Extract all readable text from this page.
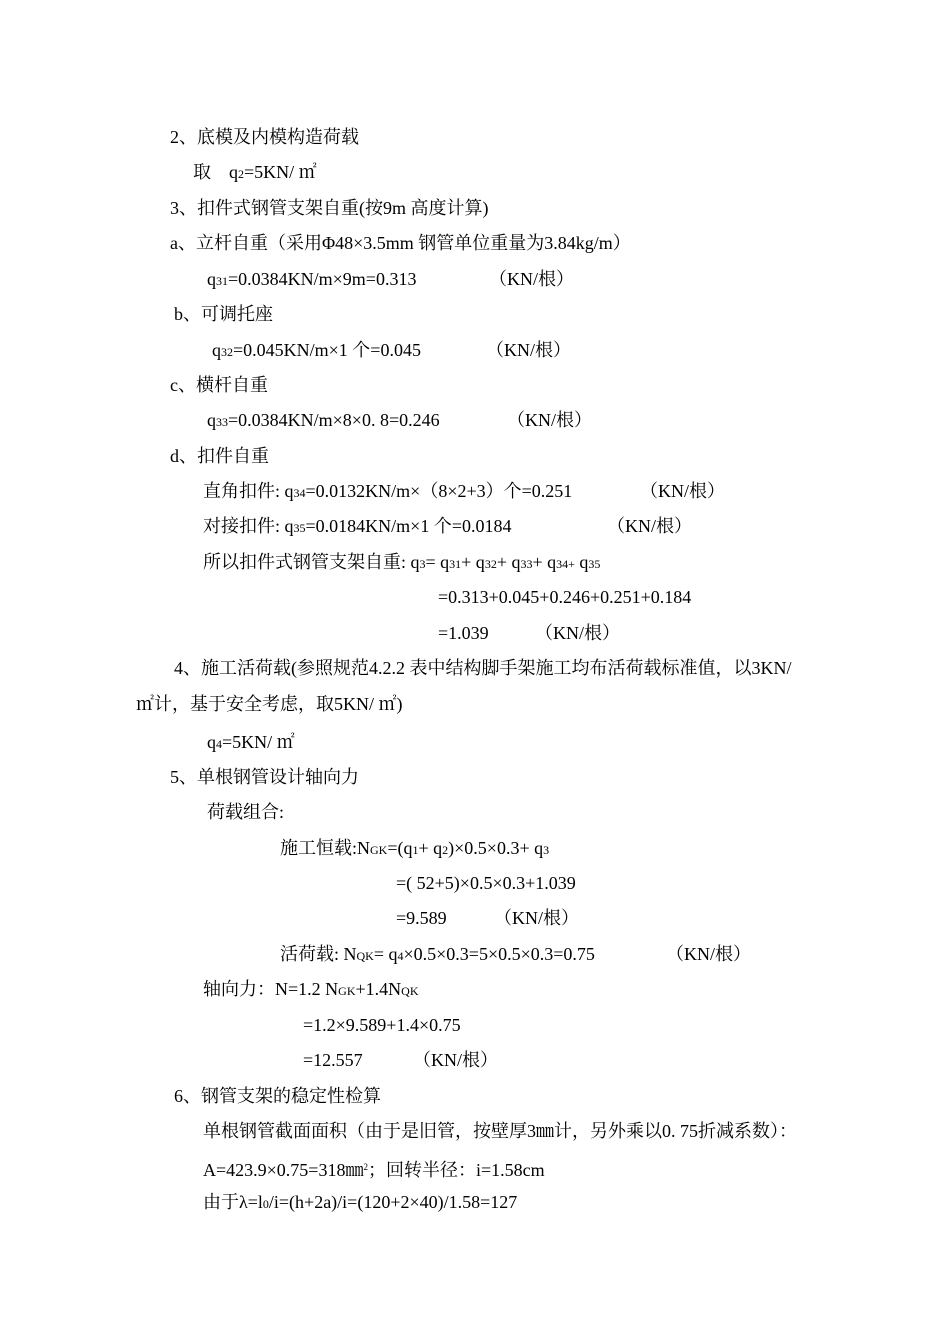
2、底模及内模构造荷载
取　q2=5KN/ ㎡
3、扣件式钢管支架自重(按9m 高度计算)
a、立杆自重（采用Φ48×3.5mm 钢管单位重量为3.84kg/m）
q31=0.0384KN/m×9m=0.313	（KN/根）
b、可调托座
q32=0.045KN/m×1 个=0.045	（KN/根）
c、横杆自重
q33=0.0384KN/m×8×0. 8=0.246	（KN/根）
d、扣件自重
直角扣件: q34=0.0132KN/m×（8×2+3）个=0.251	（KN/根）
对接扣件: q35=0.0184KN/m×1 个=0.0184	（KN/根）
所以扣件式钢管支架自重: q3= q31+ q32+ q33+ q34+ q35
=0.313+0.045+0.246+0.251+0.184
=1.039	（KN/根）
4、施工活荷载(参照规范4.2.2 表中结构脚手架施工均布活荷载标准值，以3KN/
㎡计，基于安全考虑，取5KN/ ㎡)
q4=5KN/ ㎡
5、单根钢管设计轴向力
荷载组合:
施工恒载:NGK=(q1+ q2)×0.5×0.3+ q3
=( 52+5)×0.5×0.3+1.039
=9.589	（KN/根）
活荷载: NQK= q4×0.5×0.3=5×0.5×0.3=0.75	（KN/根）
轴向力：N=1.2 NGK+1.4NQK
=1.2×9.589+1.4×0.75
=12.557	（KN/根）
6、钢管支架的稳定性检算
单根钢管截面面积（由于是旧管，按壁厚3㎜计，另外乘以0. 75折减系数）：
A=423.9×0.75=318㎜$^2$；回转半径：i=1.58cm
由于λ=l0/i=(h+2a)/i=(120+2×40)/1.58=127
